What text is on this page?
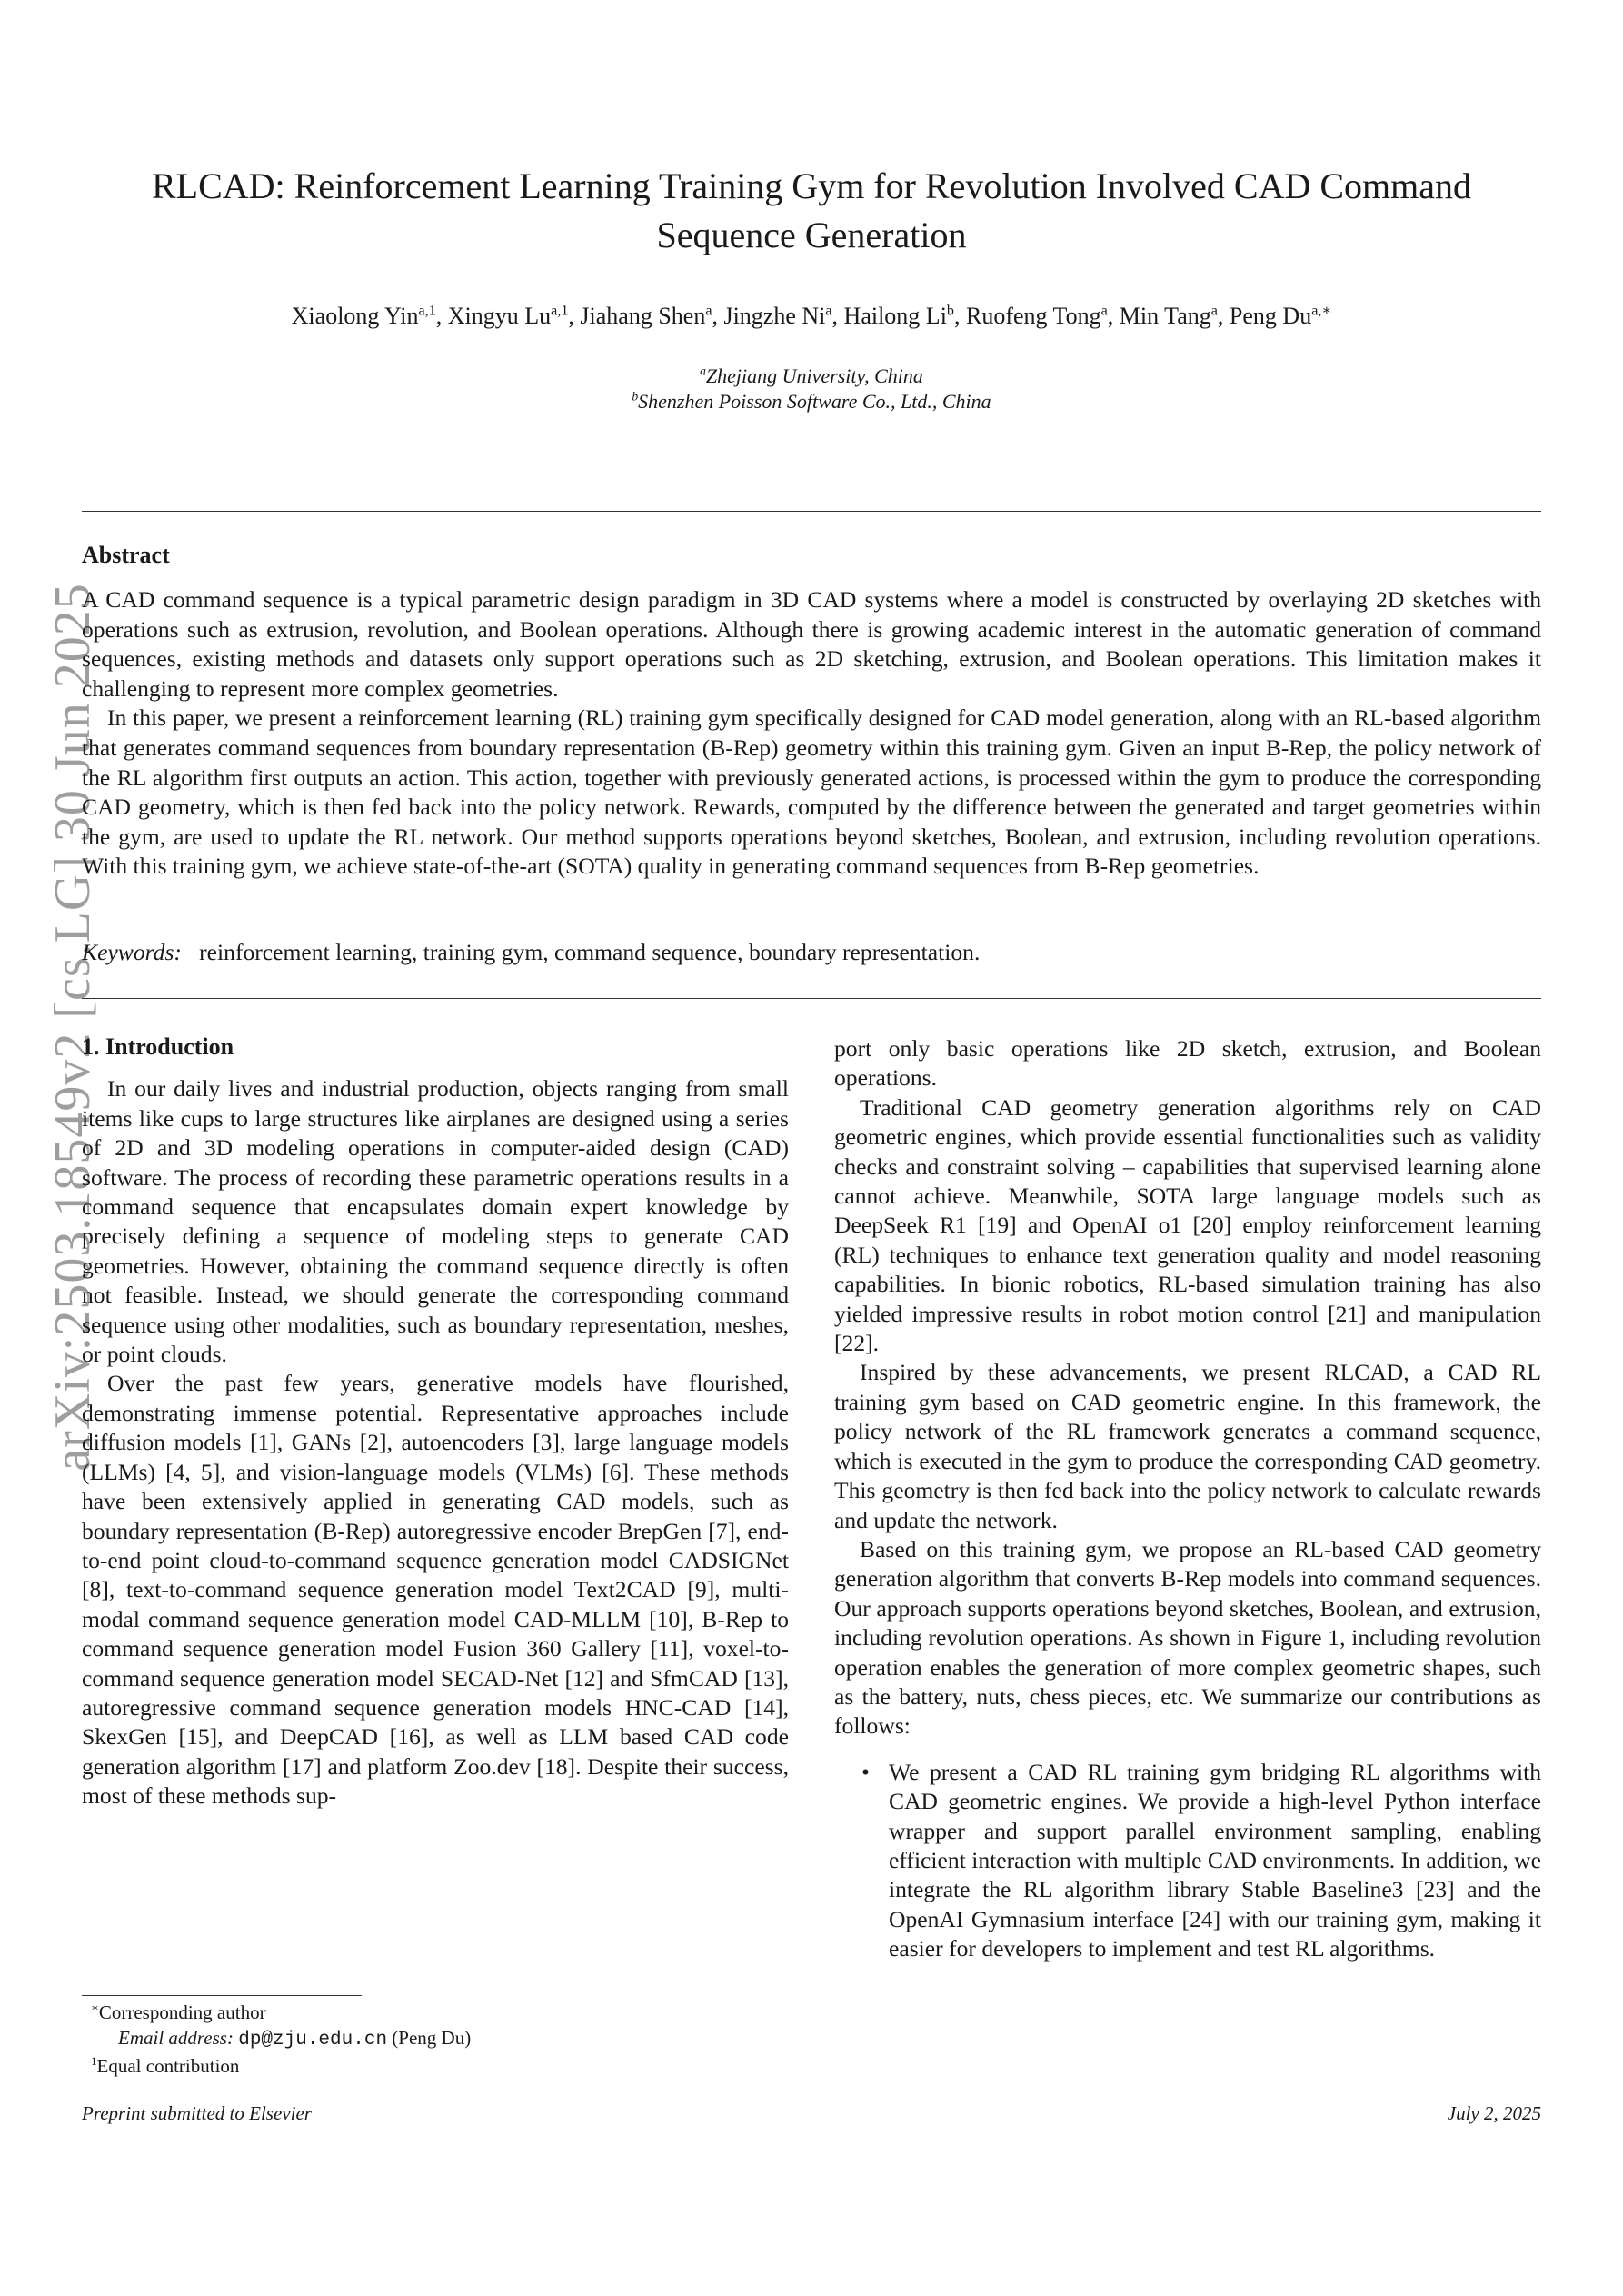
arXiv:2503.18549v2 [cs.LG] 30 Jun 2025
RLCAD: Reinforcement Learning Training Gym for Revolution Involved CAD Command Sequence Generation
Xiaolong Yin$^{a,1}$, Xingyu Lu$^{a,1}$, Jiahang Shen$^a$, Jingzhe Ni$^a$, Hailong Li$^b$, Ruofeng Tong$^a$, Min Tang$^a$, Peng $Du^{a,∗}$
$^a$Zhejiang University, China
$^b$Shenzhen Poisson Software Co., Ltd., China
Abstract

A CAD command sequence is a typical parametric design paradigm in 3D CAD systems where a model is constructed by overlaying 2D sketches with operations such as extrusion, revolution, and Boolean operations. Although there is growing academic interest in the automatic generation of command sequences, existing methods and datasets only support operations such as 2D sketching, extrusion, and Boolean operations. This limitation makes it challenging to represent more complex geometries.

In this paper, we present a reinforcement learning (RL) training gym specifically designed for CAD model generation, along with an RL-based algorithm that generates command sequences from boundary representation (B-Rep) geometry within this training gym. Given an input B-Rep, the policy network of the RL algorithm first outputs an action. This action, together with previously generated actions, is processed within the gym to produce the corresponding CAD geometry, which is then fed back into the policy network. Rewards, computed by the difference between the generated and target geometries within the gym, are used to update the RL network. Our method supports operations beyond sketches, Boolean, and extrusion, including revolution operations. With this training gym, we achieve state-of-the-art (SOTA) quality in generating command sequences from B-Rep geometries.

Keywords: reinforcement learning, training gym, command sequence, boundary representation.
1. Introduction

In our daily lives and industrial production, objects ranging from small items like cups to large structures like airplanes are designed using a series of 2D and 3D modeling operations in computer-aided design (CAD) software. The process of recording these parametric operations results in a command sequence that encapsulates domain expert knowledge by precisely defining a sequence of modeling steps to generate CAD geometries. However, obtaining the command sequence directly is often not feasible. Instead, we should generate the corresponding command sequence using other modalities, such as boundary representation, meshes, or point clouds.

Over the past few years, generative models have flourished, demonstrating immense potential. Representative approaches include diffusion models [1], GANs [2], autoencoders [3], large language models (LLMs) [4, 5], and vision-language models (VLMs) [6]. These methods have been extensively applied in generating CAD models, such as boundary representation (B-Rep) autoregressive encoder BrepGen [7], end-to-end point cloud-to-command sequence generation model CADSIGNet [8], text-to-command sequence generation model Text2CAD [9], multi-modal command sequence generation model CAD-MLLM [10], B-Rep to command sequence generation model Fusion 360 Gallery [11], voxel-to-command sequence generation model SECAD-Net [12] and SfmCAD [13], autoregressive command sequence generation models HNC-CAD [14], SkexGen [15], and DeepCAD [16], as well as LLM based CAD code generation algorithm [17] and platform Zoo.dev [18]. Despite their success, most of these methods sup-

port only basic operations like 2D sketch, extrusion, and Boolean operations.

Traditional CAD geometry generation algorithms rely on CAD geometric engines, which provide essential functionalities such as validity checks and constraint solving – capabilities that supervised learning alone cannot achieve. Meanwhile, SOTA large language models such as DeepSeek R1 [19] and OpenAI o1 [20] employ reinforcement learning (RL) techniques to enhance text generation quality and model reasoning capabilities. In bionic robotics, RL-based simulation training has also yielded impressive results in robot motion control [21] and manipulation [22].

Inspired by these advancements, we present RLCAD, a CAD RL training gym based on CAD geometric engine. In this framework, the policy network of the RL framework generates a command sequence, which is executed in the gym to produce the corresponding CAD geometry. This geometry is then fed back into the policy network to calculate rewards and update the network.

Based on this training gym, we propose an RL-based CAD geometry generation algorithm that converts B-Rep models into command sequences. Our approach supports operations beyond sketches, Boolean, and extrusion, including revolution operations. As shown in Figure 1, including revolution operation enables the generation of more complex geometric shapes, such as the battery, nuts, chess pieces, etc. We summarize our contributions as follows:

• We present a CAD RL training gym bridging RL algorithms with CAD geometric engines. We provide a high-level Python interface wrapper and support parallel environment sampling, enabling efficient interaction with multiple CAD environments. In addition, we integrate the RL algorithm library Stable Baseline3 [23] and the OpenAI Gymnasium interface [24] with our training gym, making it easier for developers to implement and test RL algorithms.
∗Corresponding author
Email address: dp@zju.edu.cn (Peng Du)
$^1$Equal contribution
Preprint submitted to Elsevier	July 2, 2025
